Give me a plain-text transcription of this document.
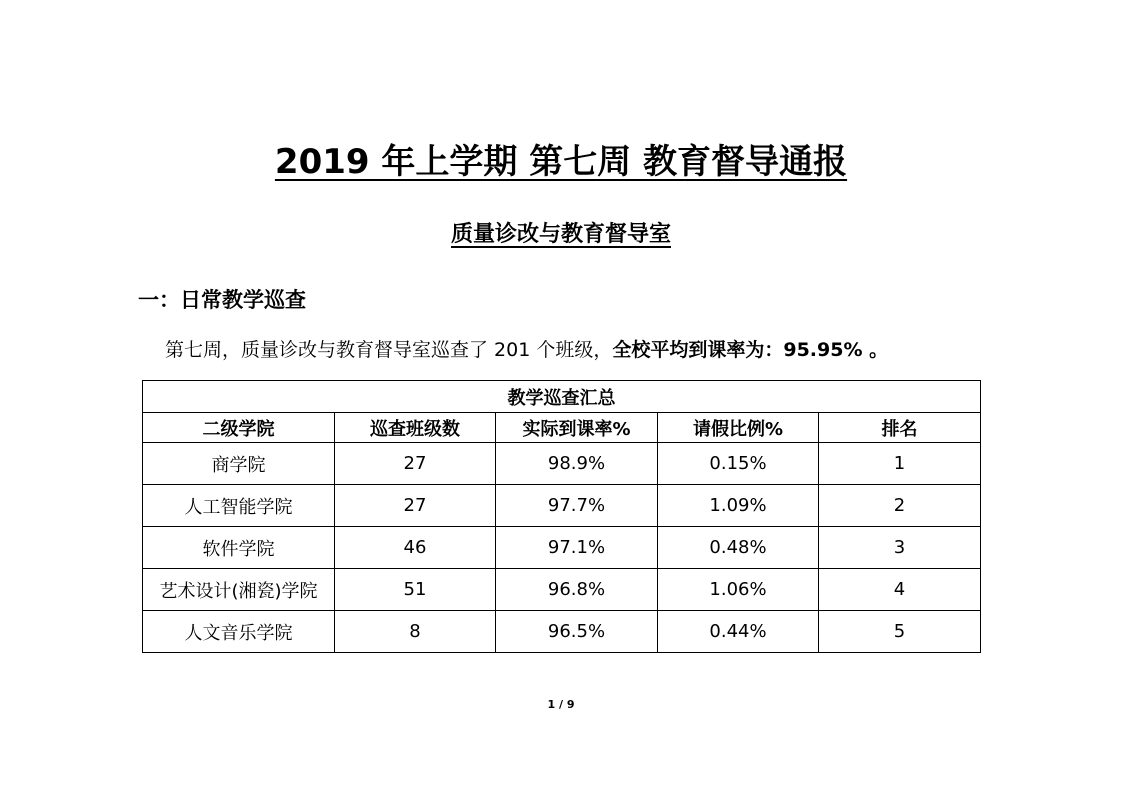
2019 年上学期 第七周 教育督导通报
质量诊改与教育督导室
一：日常教学巡查
第七周，质量诊改与教育督导室巡查了 201 个班级，全校平均到课率为：95.95% 。
教学巡查汇总				
二级学院	巡查班级数	实际到课率%	请假比例%	排名
商学院	27	98.9%	0.15%	1
人工智能学院	27	97.7%	1.09%	2
软件学院	46	97.1%	0.48%	3
艺术设计(湘瓷)学院	51	96.8%	1.06%	4
人文音乐学院	8	96.5%	0.44%	5
1 / 9
